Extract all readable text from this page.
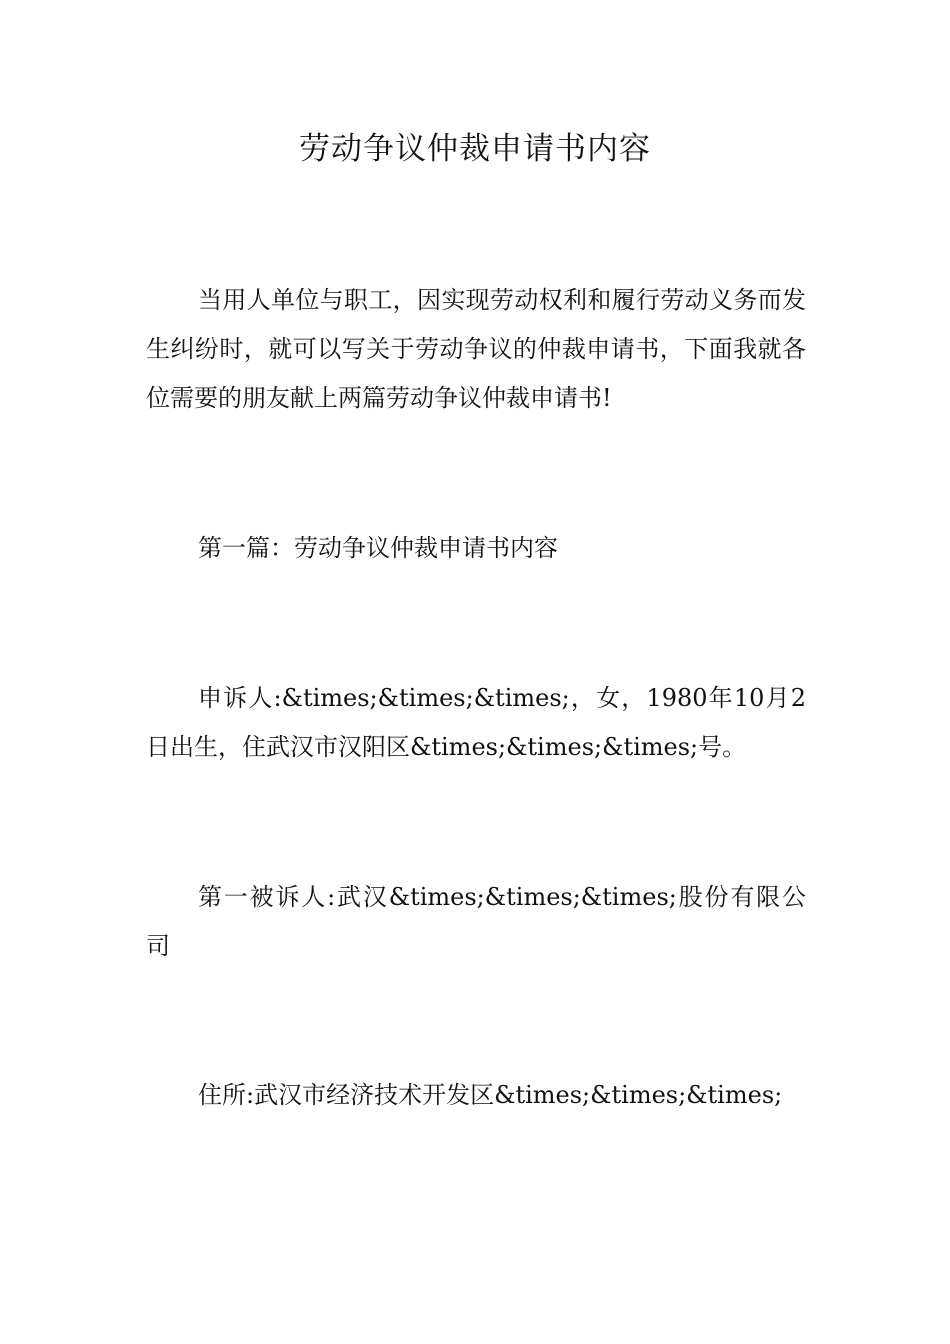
劳动争议仲裁申请书内容

当用人单位与职工，因实现劳动权利和履行劳动义务而发生纠纷时，就可以写关于劳动争议的仲裁申请书，下面我就各位需要的朋友献上两篇劳动争议仲裁申请书!

第一篇：劳动争议仲裁申请书内容

申诉人:&times;&times;&times;，女，1980年10月2日出生，住武汉市汉阳区&times;&times;&times;号。

第一被诉人:武汉&times;&times;&times;股份有限公司

住所:武汉市经济技术开发区&times;&times;&times;
